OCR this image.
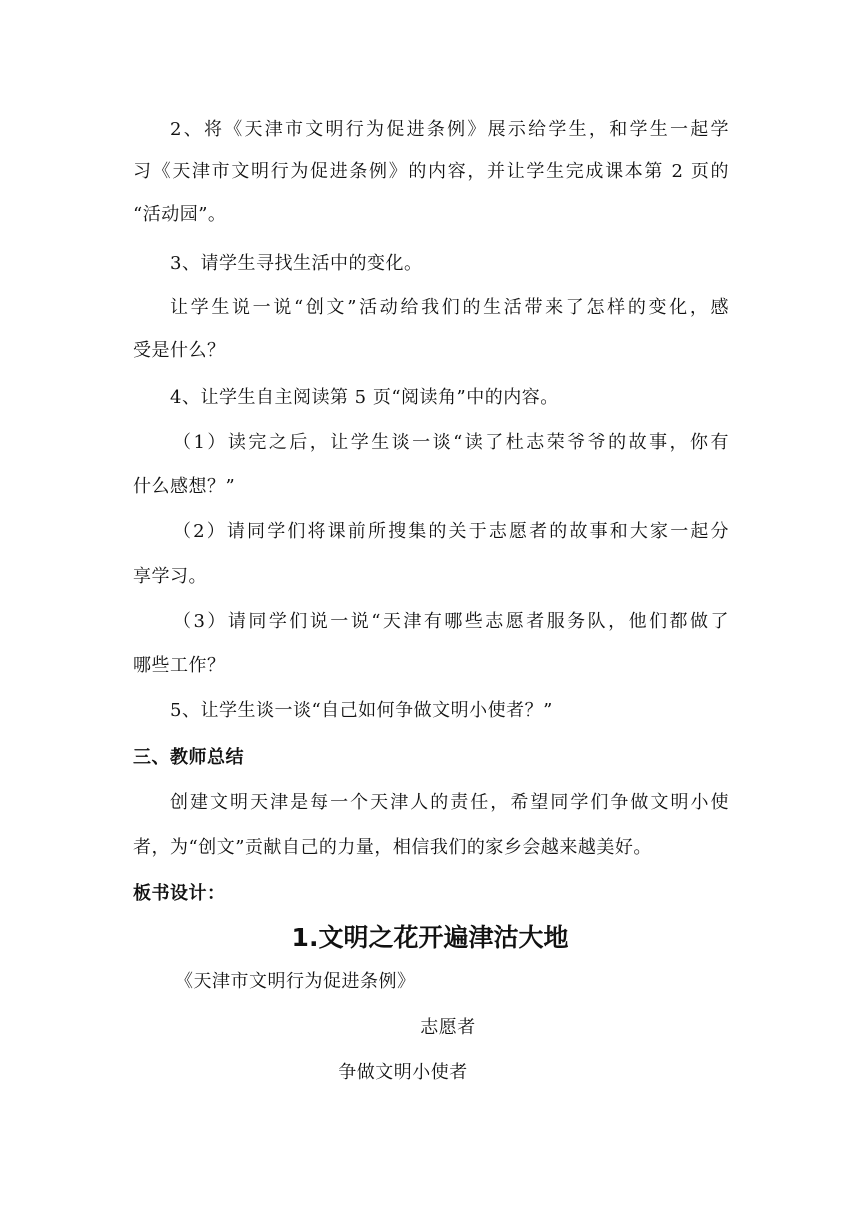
2、将《天津市文明行为促进条例》展示给学生，和学生一起学
习《天津市文明行为促进条例》的内容，并让学生完成课本第 2 页的
“活动园”。
3、请学生寻找生活中的变化。
让学生说一说“创文”活动给我们的生活带来了怎样的变化，感
受是什么？
4、让学生自主阅读第 5 页“阅读角”中的内容。
（1）读完之后，让学生谈一谈“读了杜志荣爷爷的故事，你有
什么感想？”
（2）请同学们将课前所搜集的关于志愿者的故事和大家一起分
享学习。
（3）请同学们说一说“天津有哪些志愿者服务队，他们都做了
哪些工作？
5、让学生谈一谈“自己如何争做文明小使者？”
三、教师总结
创建文明天津是每一个天津人的责任，希望同学们争做文明小使
者，为“创文”贡献自己的力量，相信我们的家乡会越来越美好。
板书设计：
1.文明之花开遍津沽大地
《天津市文明行为促进条例》
志愿者
争做文明小使者
